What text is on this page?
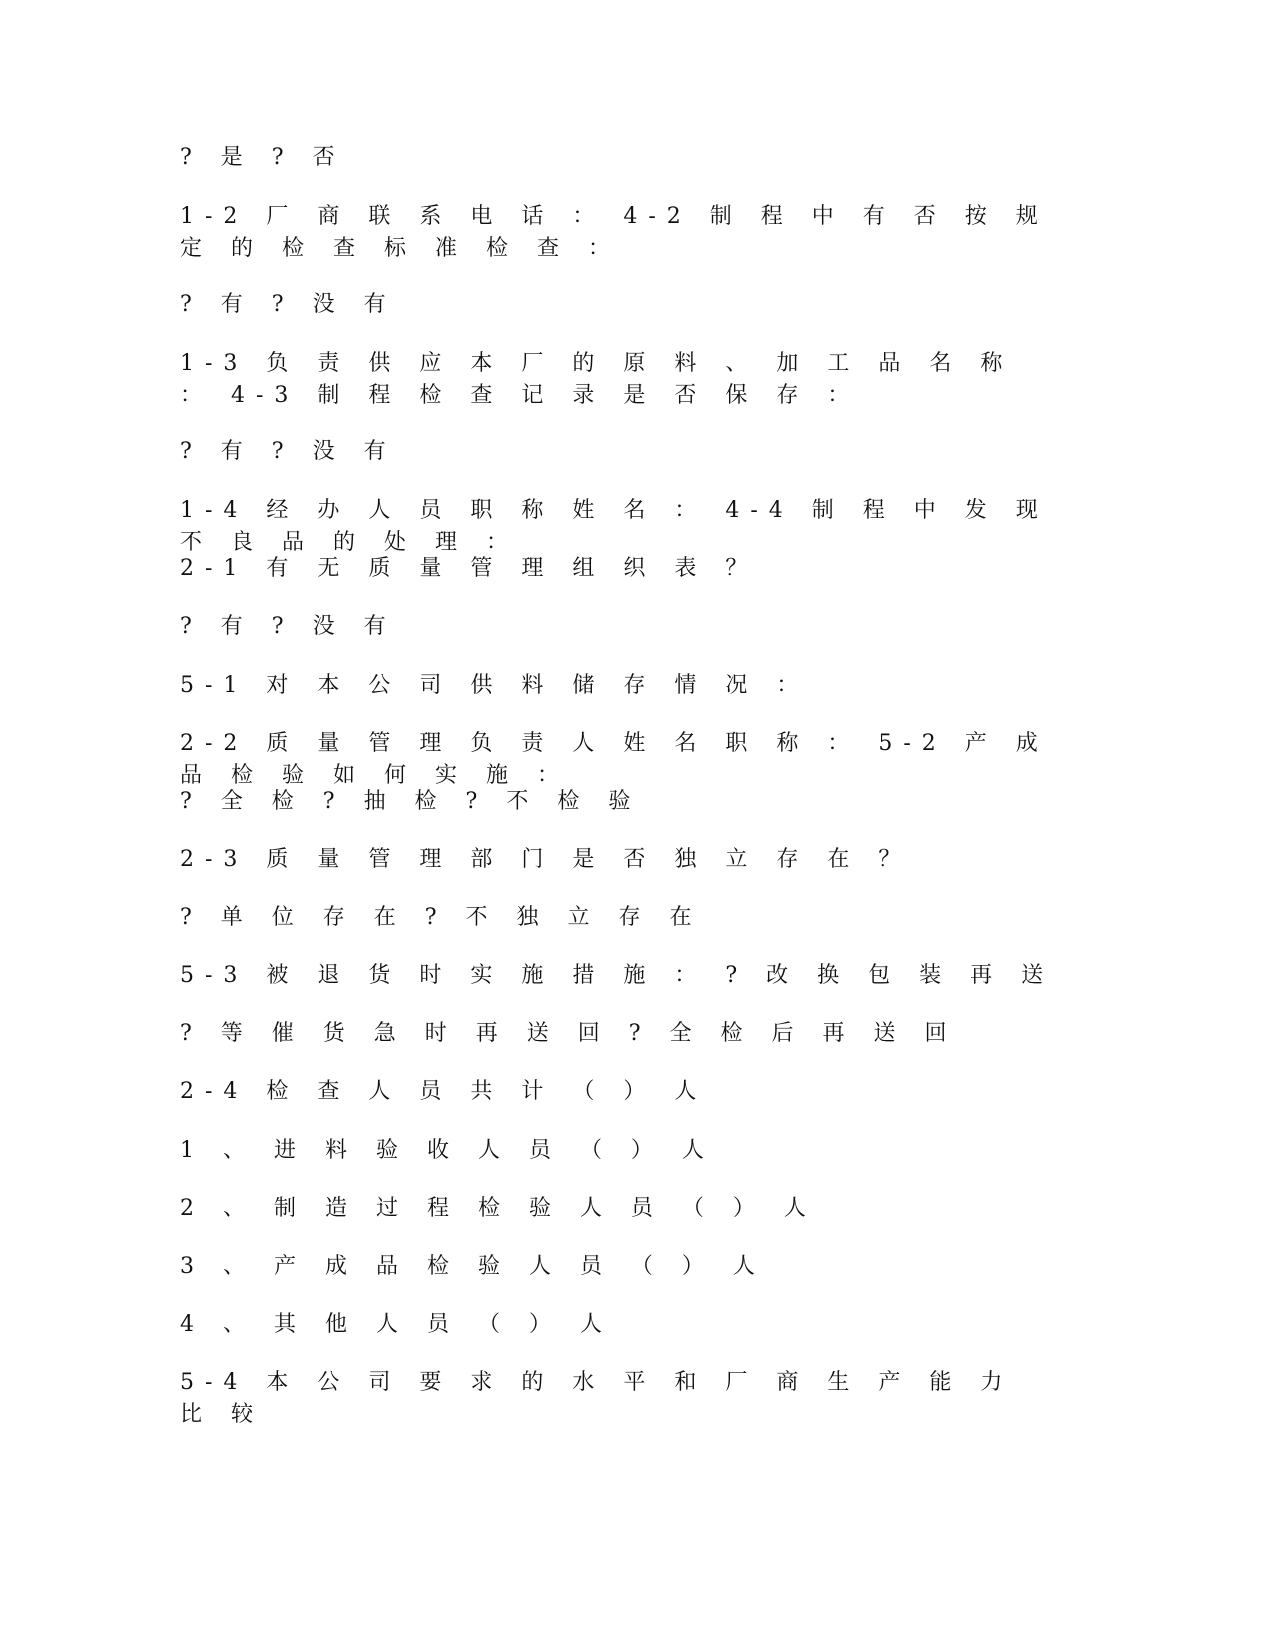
? 是 ? 否
1-2 厂 商 联 系 电 话 ： 4-2 制 程 中 有 否 按 规 定 的 检 查 标 准 检 查 ：
? 有 ? 没 有
1-3 负 责 供 应 本 厂 的 原 料 、 加 工 品 名 称 ： 4-3 制 程 检 查 记 录 是 否 保 存 ：
? 有 ? 没 有
1-4 经 办 人 员 职 称 姓 名 ： 4-4 制 程 中 发 现 不 良 品 的 处 理 ：
2-1 有 无 质 量 管 理 组 织 表 ？
? 有 ? 没 有
5-1 对 本 公 司 供 料 储 存 情 况 ：
2-2 质 量 管 理 负 责 人 姓 名 职 称 ： 5-2 产 成 品 检 验 如 何 实 施 ：
? 全 检 ? 抽 检 ? 不 检 验
2-3 质 量 管 理 部 门 是 否 独 立 存 在 ？
? 单 位 存 在 ? 不 独 立 存 在
5-3 被 退 货 时 实 施 措 施 ： ? 改 换 包 装 再 送
? 等 催 货 急 时 再 送 回 ? 全 检 后 再 送 回
2-4 检 查 人 员 共 计 （ ） 人
1 、 进 料 验 收 人 员 （ ） 人
2 、 制 造 过 程 检 验 人 员 （ ） 人
3 、 产 成 品 检 验 人 员 （ ） 人
4 、 其 他 人 员 （ ） 人
5-4 本 公 司 要 求 的 水 平 和 厂 商 生 产 能 力 比 较
